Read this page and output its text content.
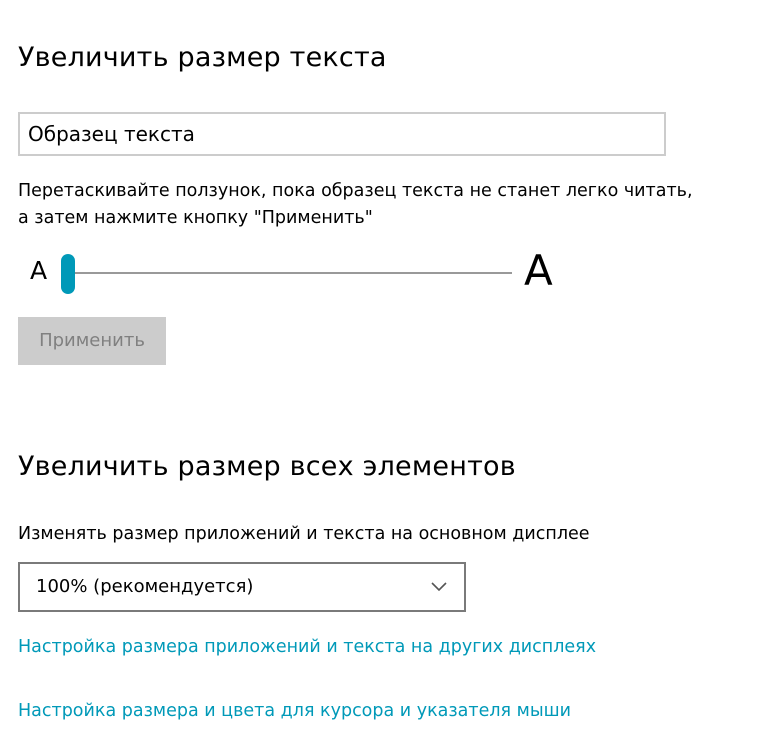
Увеличить размер текста
Образец текста
Перетаскивайте ползунок, пока образец текста не станет легко читать, а затем нажмите кнопку "Применить"
A	A
Применить
Увеличить размер всех элементов
Изменять размер приложений и текста на основном дисплее
100% (рекомендуется)
Настройка размера приложений и текста на других дисплеях
Настройка размера и цвета для курсора и указателя мыши
